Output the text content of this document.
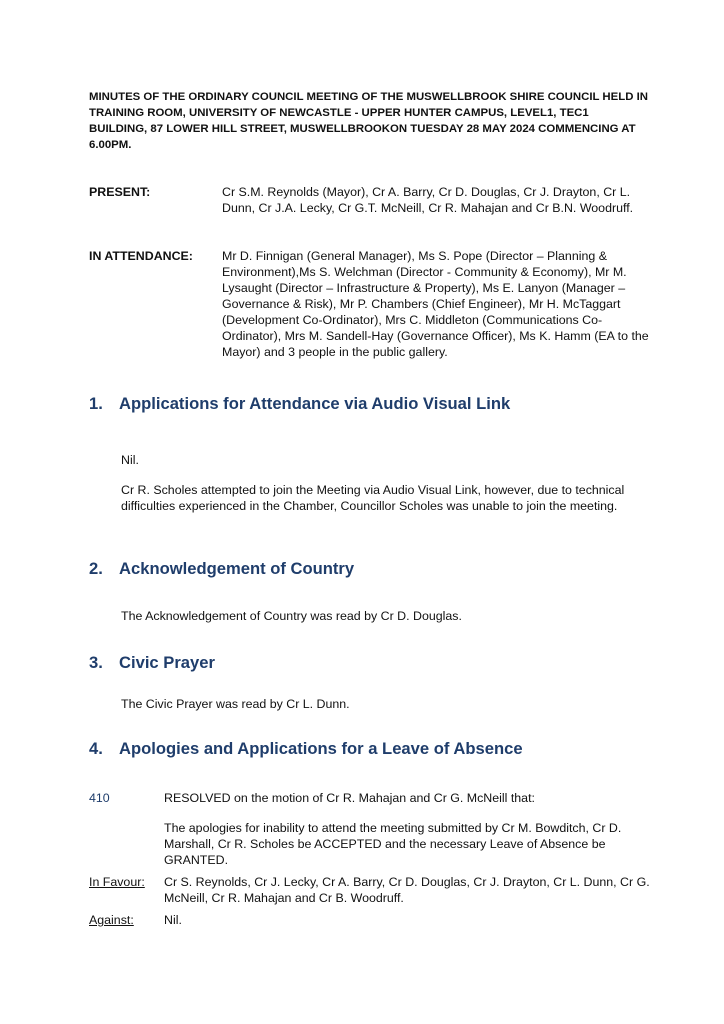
MINUTES OF THE ORDINARY COUNCIL MEETING OF THE MUSWELLBROOK SHIRE COUNCIL HELD IN TRAINING ROOM, UNIVERSITY OF NEWCASTLE - UPPER HUNTER CAMPUS, LEVEL1, TEC1 BUILDING, 87 LOWER HILL STREET, MUSWELLBROOKON TUESDAY 28 MAY 2024 COMMENCING AT 6.00PM.

PRESENT:	Cr S.M. Reynolds (Mayor), Cr A. Barry, Cr D. Douglas, Cr J. Drayton, Cr L. Dunn, Cr J.A. Lecky, Cr G.T. McNeill, Cr R. Mahajan and Cr B.N. Woodruff.

IN ATTENDANCE: Mr D. Finnigan (General Manager), Ms S. Pope (Director – Planning & Environment),Ms S. Welchman (Director - Community & Economy), Mr M. Lysaught (Director – Infrastructure & Property), Ms E. Lanyon (Manager – Governance & Risk), Mr P. Chambers (Chief Engineer), Mr H. McTaggart (Development Co-Ordinator), Mrs C. Middleton (Communications Co-Ordinator), Mrs M. Sandell-Hay (Governance Officer), Ms K. Hamm (EA to the Mayor) and 3 people in the public gallery.

1. Applications for Attendance via Audio Visual Link

Nil.

Cr R. Scholes attempted to join the Meeting via Audio Visual Link, however, due to technical difficulties experienced in the Chamber, Councillor Scholes was unable to join the meeting.

2. Acknowledgement of Country

The Acknowledgement of Country was read by Cr D. Douglas.

3. Civic Prayer

The Civic Prayer was read by Cr L. Dunn.

4. Apologies and Applications for a Leave of Absence
410	RESOLVED on the motion of Cr R. Mahajan and Cr G. McNeill that:

The apologies for inability to attend the meeting submitted by Cr M. Bowditch, Cr D. Marshall, Cr R. Scholes be ACCEPTED and the necessary Leave of Absence be GRANTED.

In Favour: Cr S. Reynolds, Cr J. Lecky, Cr A. Barry, Cr D. Douglas, Cr J. Drayton, Cr L. Dunn, Cr G. McNeill, Cr R. Mahajan and Cr B. Woodruff.

Against: Nil.
